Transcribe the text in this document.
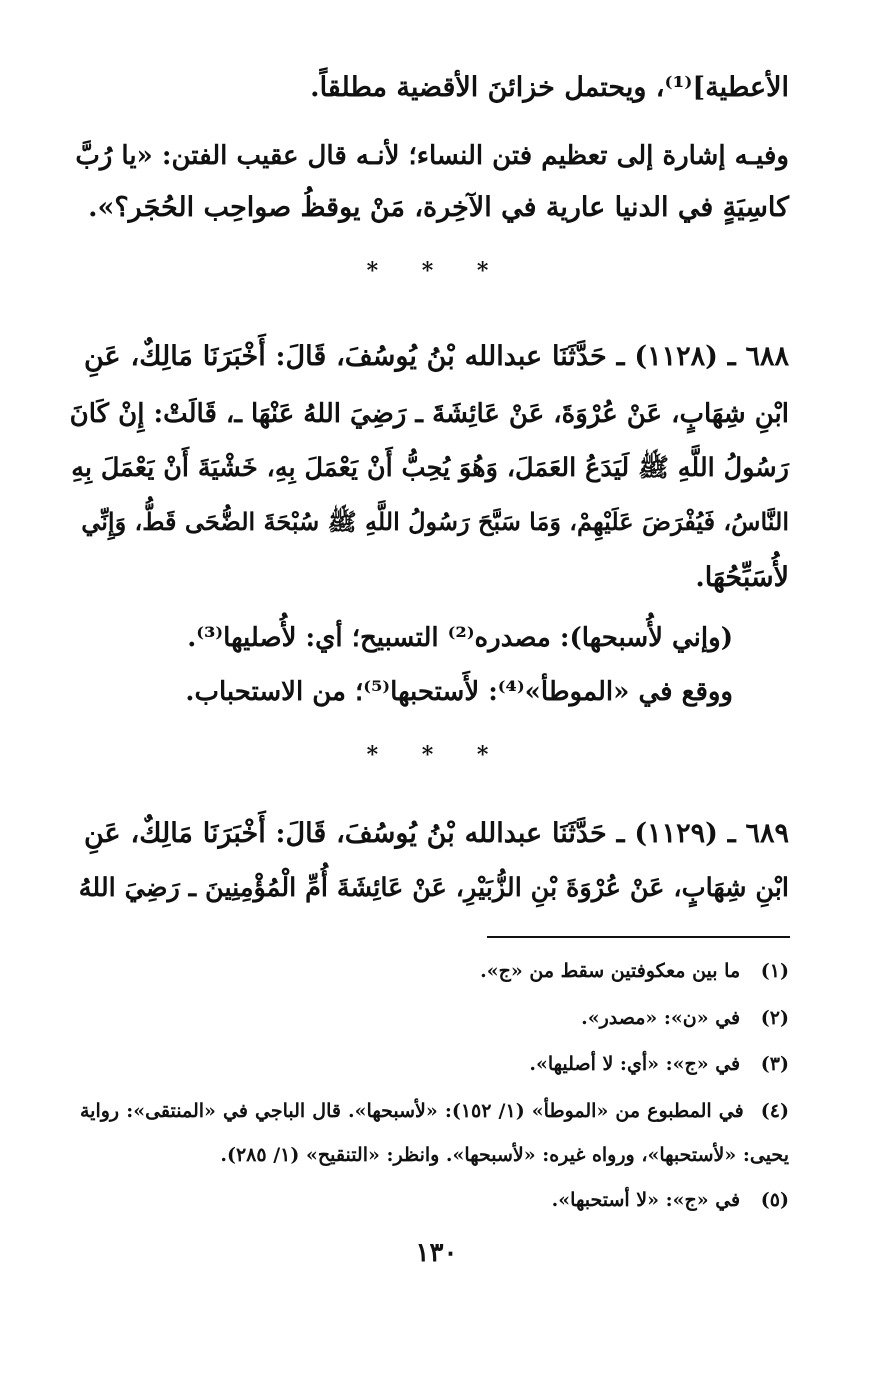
الأعطية]⁽¹⁾، ويحتمل خزائنَ الأقضية مطلقاً.
وفيـه إشارة إلى تعظيم فتن النساء؛ لأنـه قال عقيب الفتن: «يا رُبَّ
كاسِيَةٍ في الدنيا عارية في الآخِرة، مَنْ يوقظُ صواحِب الحُجَر؟».
* * *
٦٨٨ ـ (١١٢٨) ـ حَدَّثَنَا عبدالله بْنُ يُوسُفَ، قَالَ: أَخْبَرَنَا مَالِكٌ، عَنِ
ابْنِ شِهَابٍ، عَنْ عُرْوَةَ، عَنْ عَائِشَةَ ـ رَضِيَ اللهُ عَنْهَا ـ، قَالَتْ: إِنْ كَانَ
رَسُولُ اللَّهِ ﷺ لَيَدَعُ العَمَلَ، وَهُوَ يُحِبُّ أَنْ يَعْمَلَ بِهِ، خَشْيَةَ أَنْ يَعْمَلَ بِهِ
النَّاسُ، فَيُفْرَضَ عَلَيْهِمْ، وَمَا سَبَّحَ رَسُولُ اللَّهِ ﷺ سُبْحَةَ الضُّحَى قَطُّ، وَإِنِّي
لأُسَبِّحُهَا.
(وإني لأُسبحها): مصدره⁽²⁾ التسبيح؛ أي: لأُصليها⁽³⁾.
ووقع في «الموطأ»⁽⁴⁾: لأَستحبها⁽⁵⁾؛ من الاستحباب.
* * *
٦٨٩ ـ (١١٢٩) ـ حَدَّثَنَا عبدالله بْنُ يُوسُفَ، قَالَ: أَخْبَرَنَا مَالِكٌ، عَنِ
ابْنِ شِهَابٍ، عَنْ عُرْوَةَ بْنِ الزُّبَيْرِ، عَنْ عَائِشَةَ أُمِّ الْمُؤْمِنِينَ ـ رَضِيَ اللهُ
(١) ما بين معكوفتين سقط من «ج».
(٢) في «ن»: «مصدر».
(٣) في «ج»: «أي: لا أصليها».
(٤) في المطبوع من «الموطأ» (١/ ١٥٢): «لأسبحها». قال الباجي في «المنتقى»: رواية
يحيى: «لأستحبها»، ورواه غيره: «لأسبحها». وانظر: «التنقيح» (١/ ٢٨٥).
(٥) في «ج»: «لا أستحبها».
١٣٠
